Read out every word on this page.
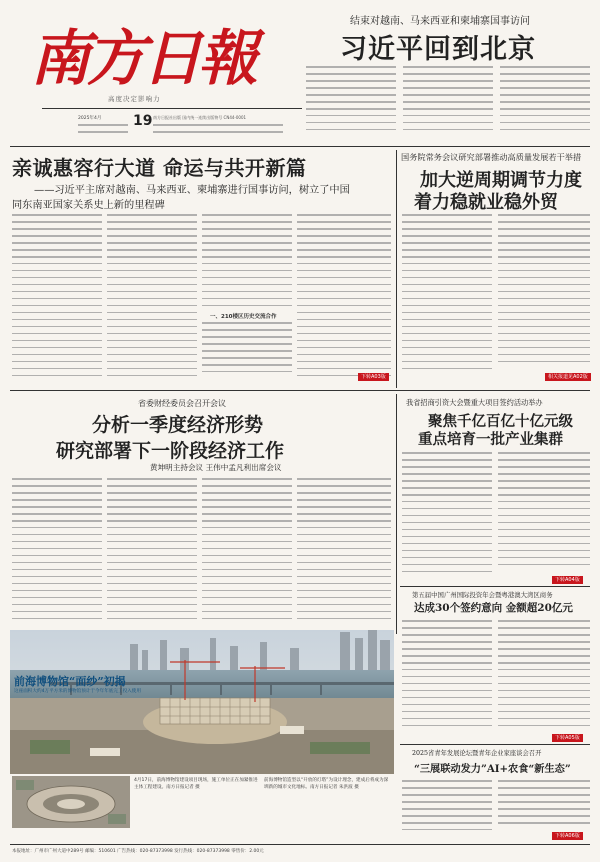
南方日報
高度决定影响力
2025年4月 19 南方日报社出版 国内统一连续出版物号 CN44-0001
结束对越南、马来西亚和柬埔寨国事访问
习近平回到北京
亲诚惠容行大道 命运与共开新篇
——习近平主席对越南、马来西亚、柬埔寨进行国事访问，树立了中国
同东南亚国家关系史上新的里程碑
一、210楼区历史交流合作
下转A03版
国务院常务会议研究部署推动高质量发展若干举措
加大逆周期调节力度
着力稳就业稳外贸
相关报道见A02版
省委财经委员会召开会议
分析一季度经济形势
研究部署下一阶段经济工作
黄坤明主持会议 王伟中孟凡利出席会议
我省招商引资大会暨重大项目签约活动举办
聚焦千亿百亿十亿元级
重点培育一批产业集群
下转A04版
第五届中国广州国际投资年会暨粤港澳大湾区商务
达成30个签约意向 金额超20亿元
下转A05版
前海博物馆“面纱”初揭
这座面积大约4万平方米的博物馆预计于今年年底完工投入使用
4月17日，前海博物馆建设项目现场，施工单位正在加紧推进主体工程建设。南方日报记者 摄
前海博物馆造型以“开放的灯塔”为设计理念，建成后将成为深圳新的城市文化地标。南方日报记者 朱洪波 摄
2025省青年发展论坛暨青年企业家座谈会召开
“三展联动发力”AI+农食“新生态”
下转A06版
本报地址：广州市广州大道中289号 邮编：510601 广告热线：020-87373998 发行热线：020-87373998 零售价：2.00元
